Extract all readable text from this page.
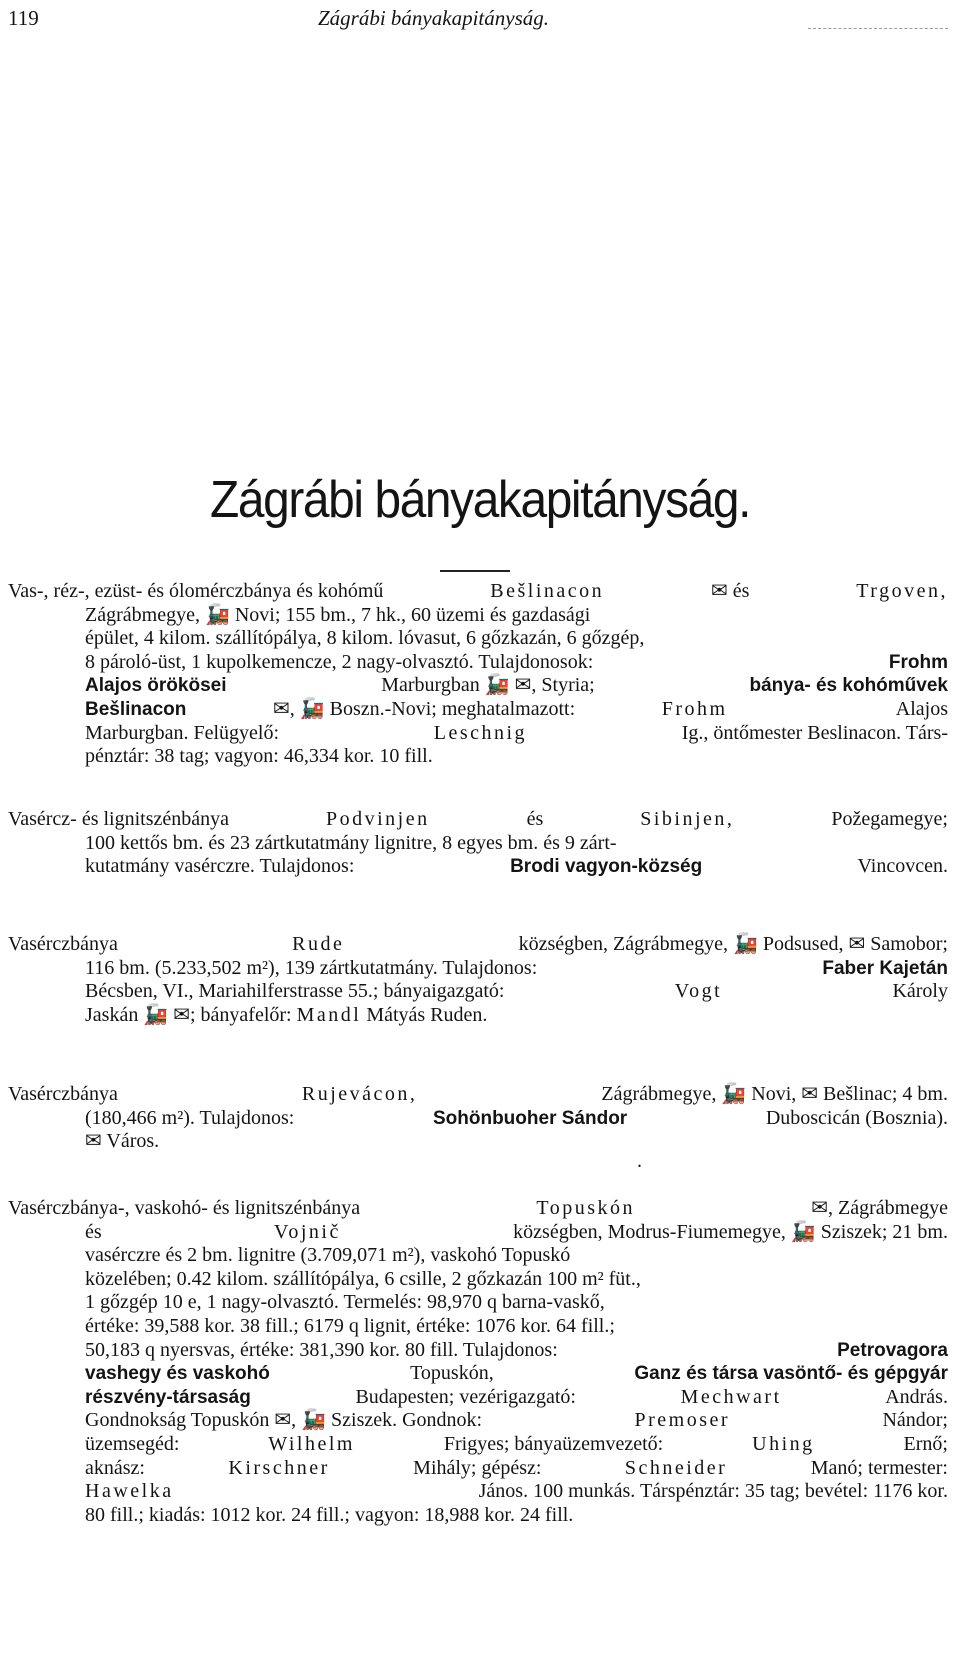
119	Zágrábi bányakapitányság.
Zágrábi bányakapitányság.
Vas-, réz-, ezüst- és ólomérczbánya és kohómű	Bešlinacon	✉ és	Trgoven,
Zágrábmegye, 🚂 Novi; 155 bm., 7 hk., 60 üzemi és gazdasági
épület, 4 kilom. szállítópálya, 8 kilom. lóvasut, 6 gőzkazán, 6 gőzgép,
8 pároló-üst, 1 kupolkemencze, 2 nagy-olvasztó. Tulajdonosok:	Frohm
Alajos örökösei	Marburgban 🚂 ✉, Styria;	bánya- és kohóművek
Bešlinacon	✉, 🚂 Boszn.-Novi; meghatalmazott:	Frohm
	Alajos
Marburgban. Felügyelő:	Leschnig	Ig., öntőmester Beslinacon. Társ-
pénztár: 38 tag; vagyon: 46,334 kor. 10 fill.
Vasércz- és lignitszénbánya	Podvinjen	és	Sibinjen,	Požegamegye;
100 kettős bm. és 23 zártkutatmány lignitre, 8 egyes bm. és 9 zárt-
kutatmány vasérczre. Tulajdonos:	Brodi vagyon-község	Vincovcen.
Vasérczbánya	Rude	községben, Zágrábmegye, 🚂 Podsused, ✉ Samobor;
116 bm. (5.233,502 m²), 139 zártkutatmány. Tulajdonos:	Faber Kajetán
Bécsben, VI., Mariahilferstrasse 55.; bányaigazgató:	Vogt	Károly
Jaskán 🚂 ✉; bányafelőr: Mandl Mátyás Ruden.
Vasérczbánya	Rujevácon,	Zágrábmegye, 🚂 Novi, ✉ Bešlinac; 4 bm.
(180,466 m²). Tulajdonos:	Sohönbuoher Sándor	Duboscicán (Bosznia).
✉ Város.
.
Vasérczbánya-, vaskohó- és lignitszénbánya	Topuskón	✉, Zágrábmegye
és	Vojnič	községben, Modrus-Fiumemegye, 🚂 Sziszek; 21 bm.
vasérczre és 2 bm. lignitre (3.709,071 m²), vaskohó Topuskó
közelében; 0.42 kilom. szállítópálya, 6 csille, 2 gőzkazán 100 m² füt.,
1 gőzgép 10 e, 1 nagy-olvasztó. Termelés: 98,970 q barna-vaskő,
értéke: 39,588 kor. 38 fill.; 6179 q lignit, értéke: 1076 kor. 64 fill.;
50,183 q nyersvas, értéke: 381,390 kor. 80 fill. Tulajdonos:	Petrovagora
vashegy és vaskohó	Topuskón,	Ganz és társa vasöntő- és gépgyár
részvény-társaság	Budapesten; vezérigazgató:	Mechwart	András.
Gondnokság Topuskón ✉, 🚂 Sziszek. Gondnok:	Premoser	Nándor;
üzemsegéd:	Wilhelm	Frigyes; bányaüzemvezető:	Uhing	Ernő;
aknász:	Kirschner	Mihály; gépész:	Schneider	Manó; termester:
Hawelka	János. 100 munkás. Társpénztár: 35 tag; bevétel: 1176 kor.
80 fill.; kiadás: 1012 kor. 24 fill.; vagyon: 18,988 kor. 24 fill.
